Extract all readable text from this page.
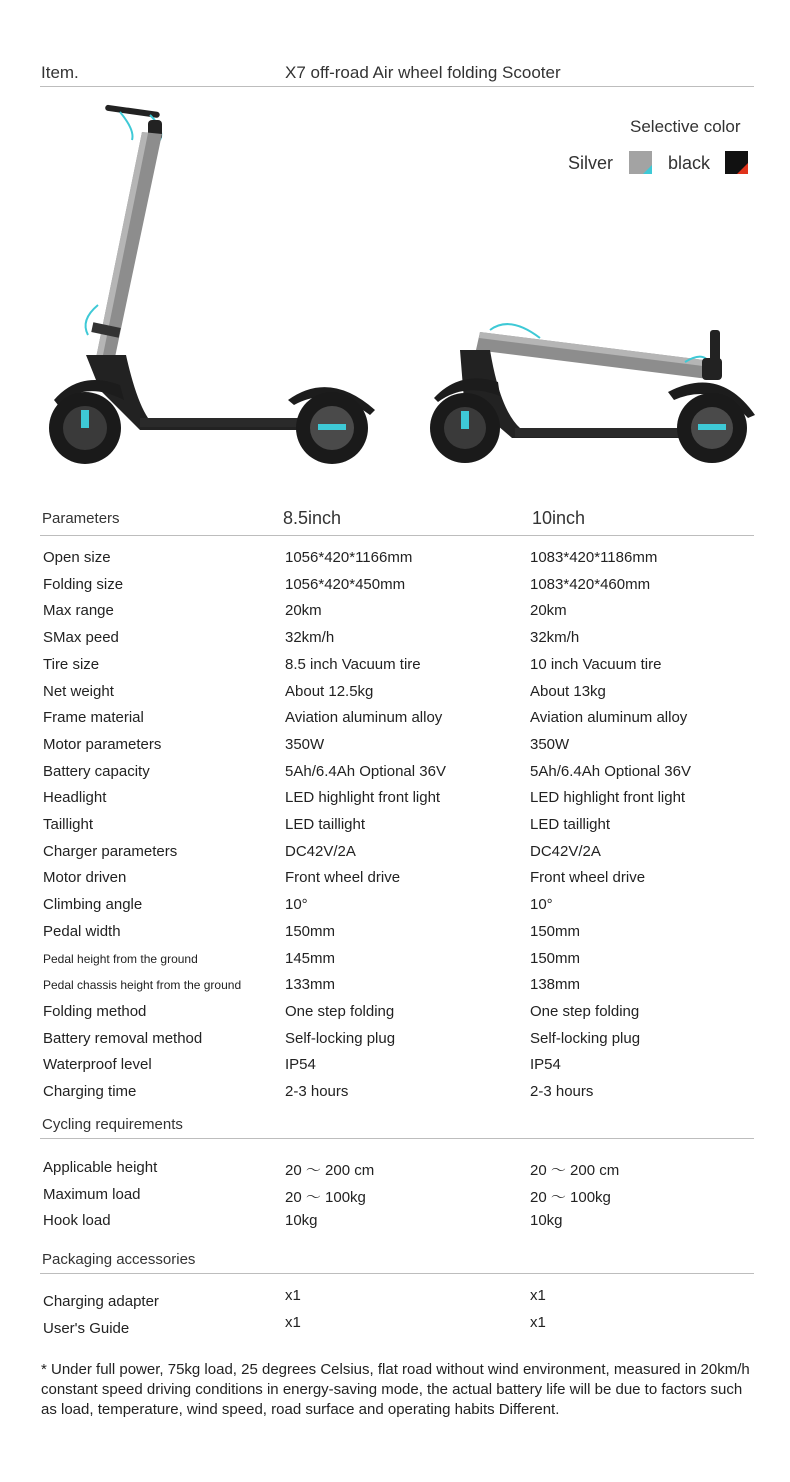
Item.	X7 off-road Air wheel folding Scooter
Selective color
Silver	black
Parameters	8.5inch	10inch
Open size	1056*420*1166mm	1083*420*1186mm
Folding size	1056*420*450mm	1083*420*460mm
Max range	20km	20km
SMax peed	32km/h	32km/h
Tire size	8.5 inch Vacuum tire	10 inch Vacuum tire
Net weight	About 12.5kg	About 13kg
Frame material	Aviation aluminum alloy	Aviation aluminum alloy
Motor parameters	350W	350W
Battery capacity	5Ah/6.4Ah Optional 36V	5Ah/6.4Ah Optional 36V
Headlight	LED highlight front light	LED highlight front light
Taillight	LED taillight	LED taillight
Charger parameters	DC42V/2A	DC42V/2A
Motor driven	Front wheel drive	Front wheel drive
Climbing angle	10°	10°
Pedal width	150mm	150mm
Pedal height from the ground	145mm	150mm
Pedal chassis height from the ground	133mm	138mm
Folding method	One step folding	One step folding
Battery removal method	Self-locking plug	Self-locking plug
Waterproof level	IP54	IP54
Charging time	2-3 hours	2-3 hours
Cycling requirements
Applicable height	20 ～ 200 cm	20 ～ 200 cm
Maximum load	20 ～ 100kg	20 ～ 100kg
Hook load	10kg	10kg
Packaging accessories
Charging adapter	x1	x1
User's Guide	x1	x1
* Under full power, 75kg load, 25 degrees Celsius, flat road without wind environment, measured in 20km/h constant speed driving conditions in energy-saving mode, the actual battery life will be due to factors such as load, temperature, wind speed, road surface and operating habits Different.
